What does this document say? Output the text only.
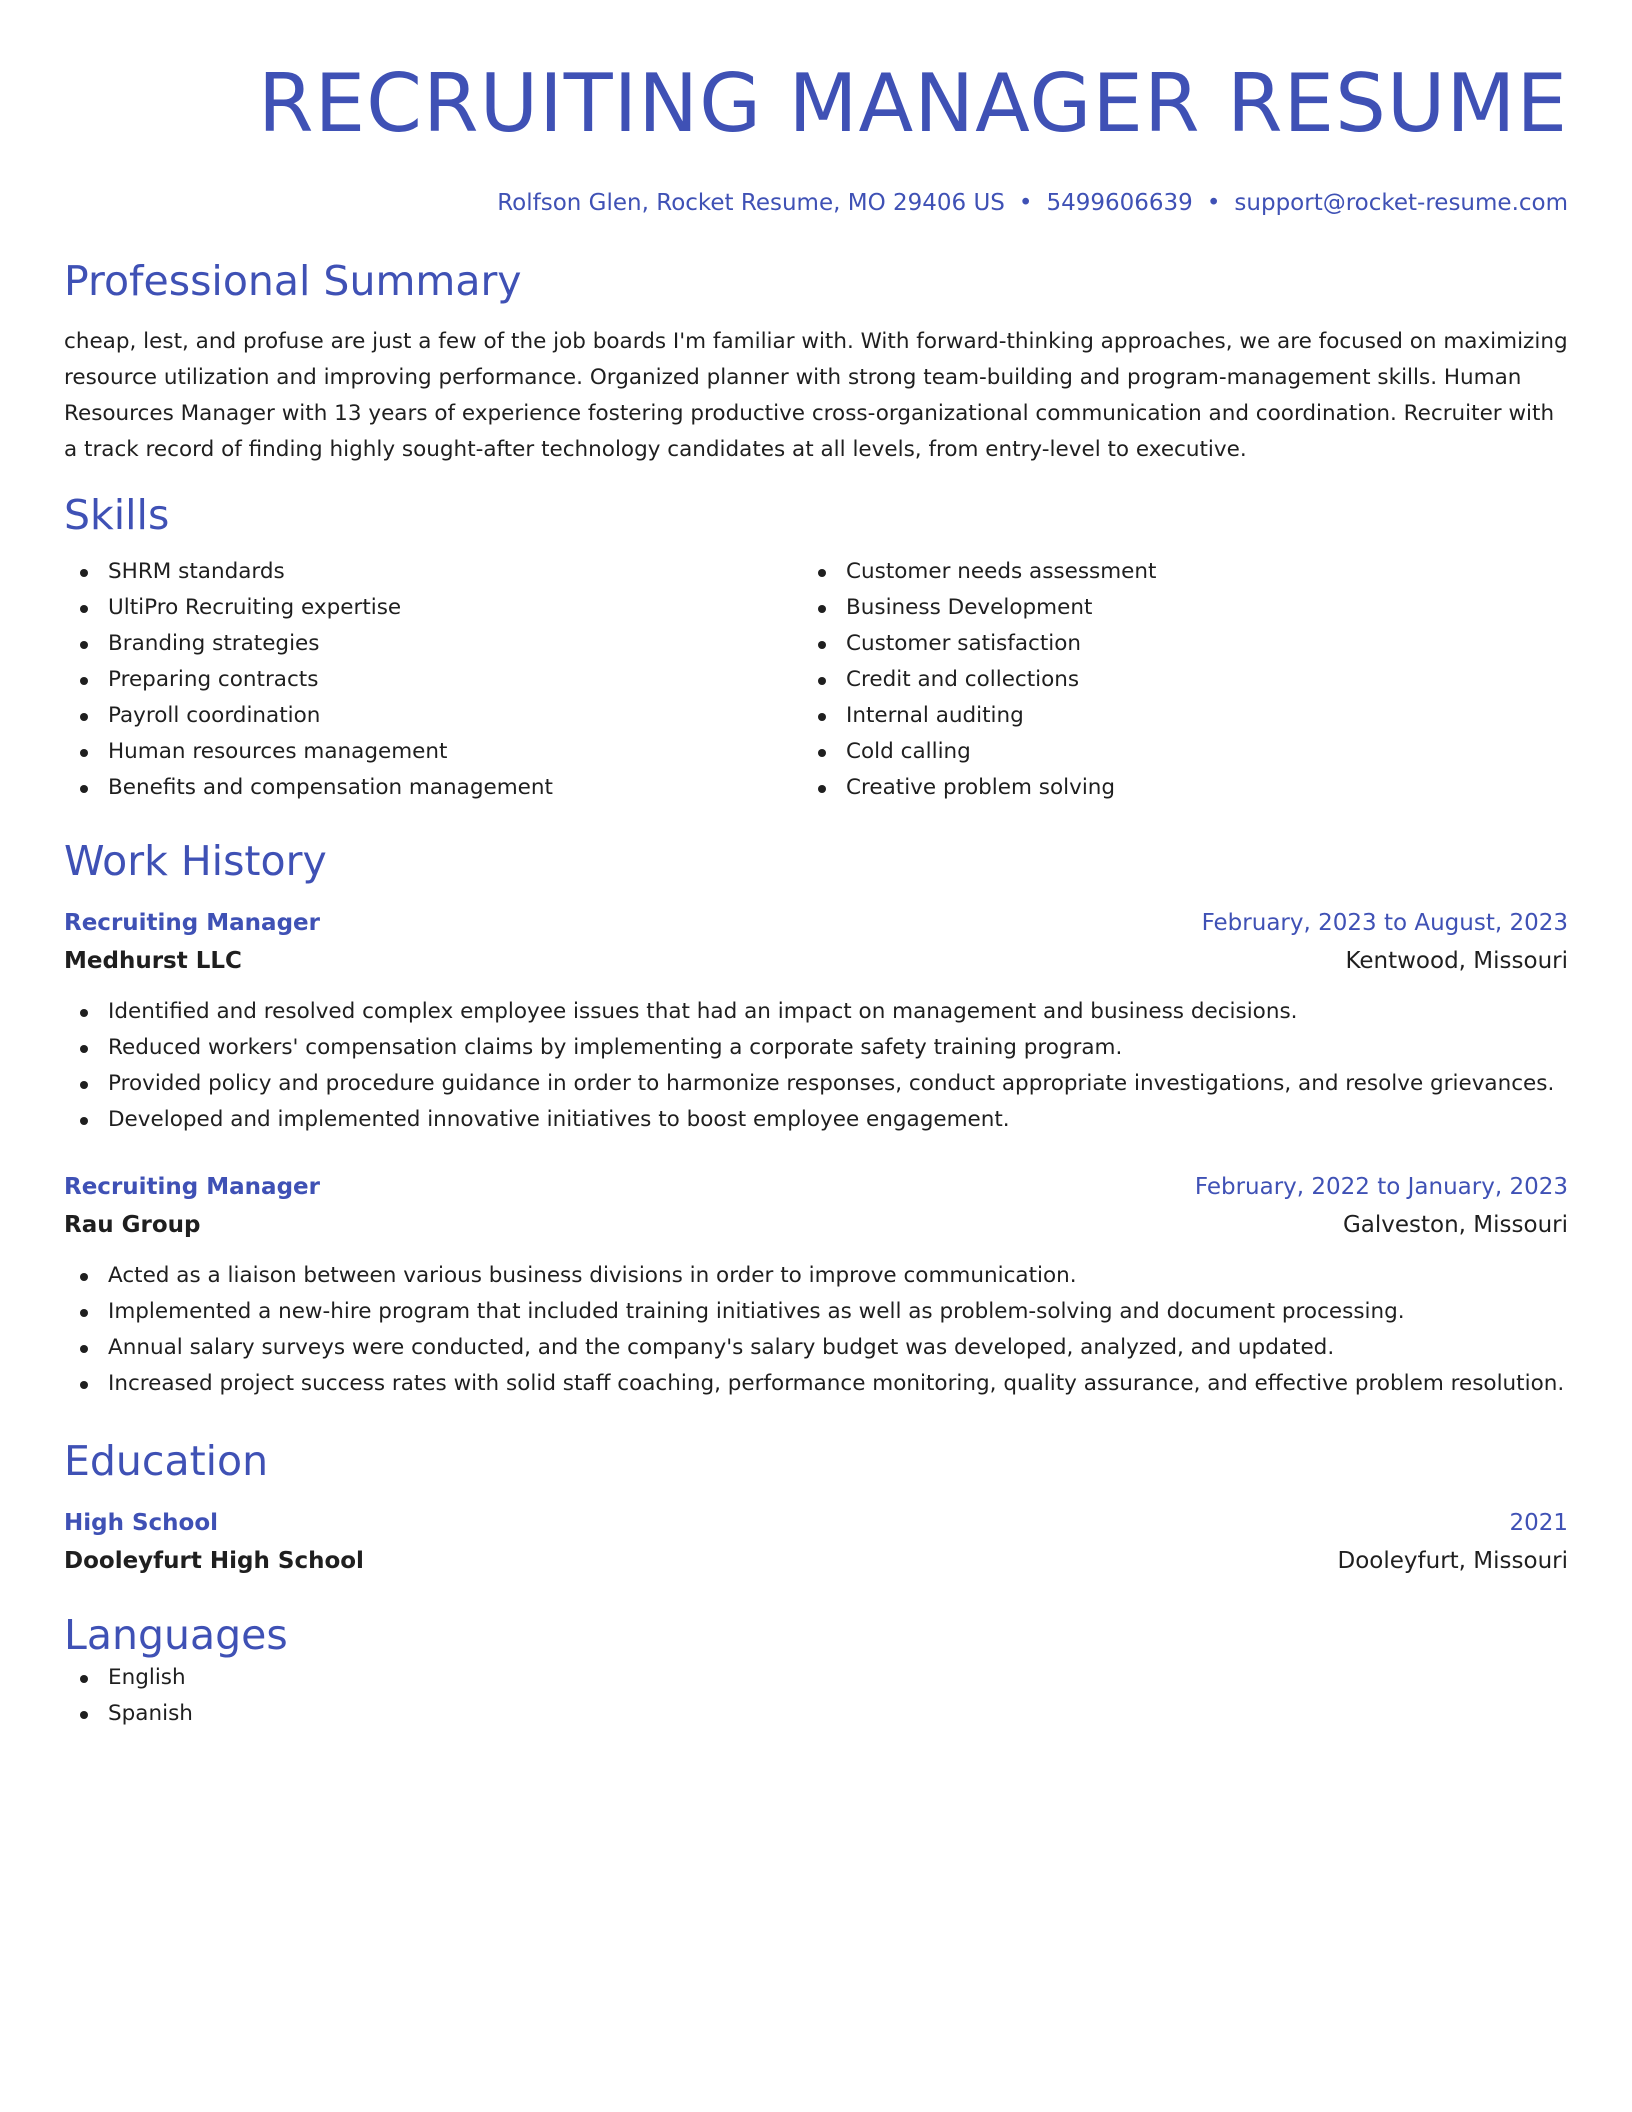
RECRUITING MANAGER RESUME
Rolfson Glen, Rocket Resume, MO 29406 US • 5499606639 • support@rocket-resume.com
Professional Summary

cheap, lest, and profuse are just a few of the job boards I'm familiar with. With forward-thinking approaches, we are focused on maximizing resource utilization and improving performance. Organized planner with strong team-building and program-management skills. Human Resources Manager with 13 years of experience fostering productive cross-organizational communication and coordination. Recruiter with a track record of finding highly sought-after technology candidates at all levels, from entry-level to executive.

Skills
SHRM standards
UltiPro Recruiting expertise
Branding strategies
Preparing contracts
Payroll coordination
Human resources management
Benefits and compensation management
Customer needs assessment
Business Development
Customer satisfaction
Credit and collections
Internal auditing
Cold calling
Creative problem solving
Work History
Recruiting Manager	February, 2023 to August, 2023
Medhurst LLC	Kentwood, Missouri
Identified and resolved complex employee issues that had an impact on management and business decisions.
Reduced workers' compensation claims by implementing a corporate safety training program.
Provided policy and procedure guidance in order to harmonize responses, conduct appropriate investigations, and resolve grievances.
Developed and implemented innovative initiatives to boost employee engagement.
Recruiting Manager	February, 2022 to January, 2023
Rau Group	Galveston, Missouri
Acted as a liaison between various business divisions in order to improve communication.
Implemented a new-hire program that included training initiatives as well as problem-solving and document processing.
Annual salary surveys were conducted, and the company's salary budget was developed, analyzed, and updated.
Increased project success rates with solid staff coaching, performance monitoring, quality assurance, and effective problem resolution.
Education
High School	2021
Dooleyfurt High School	Dooleyfurt, Missouri
Languages
English
Spanish
